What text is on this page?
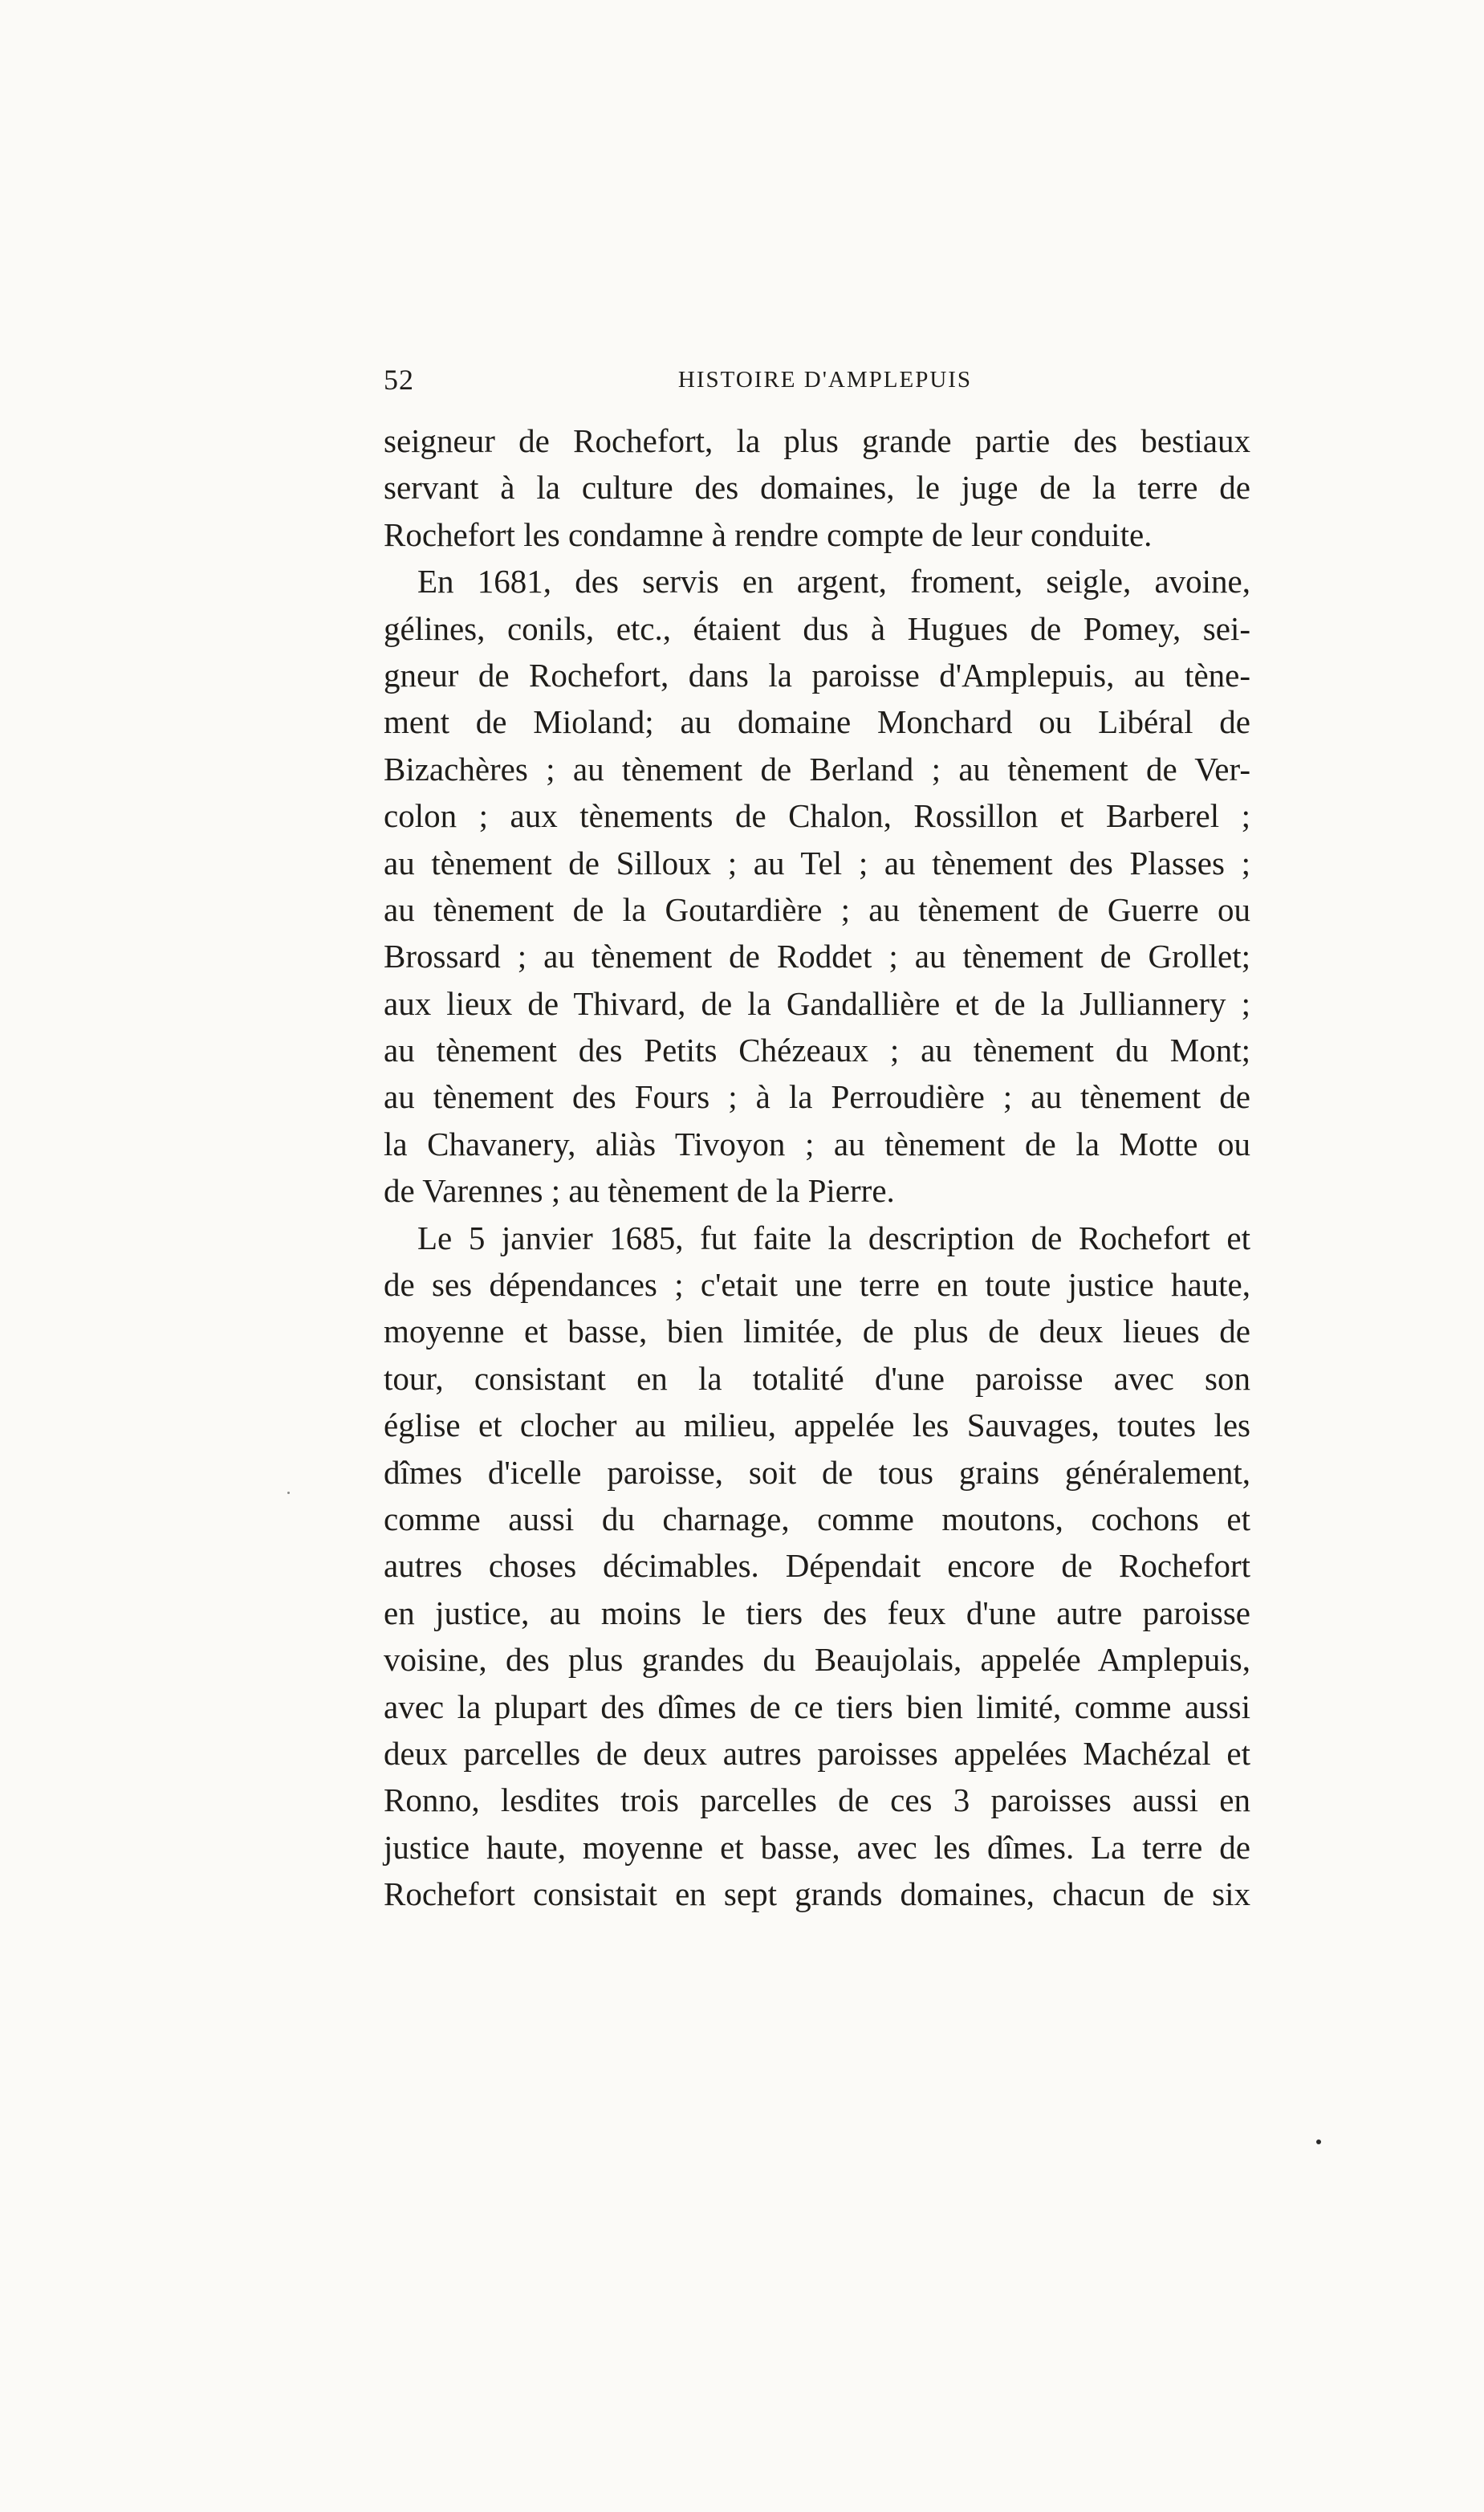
52	HISTOIRE D'AMPLEPUIS
seigneur de Rochefort, la plus grande partie des bestiaux
servant à la culture des domaines, le juge de la terre de
Rochefort les condamne à rendre compte de leur conduite.
En 1681, des servis en argent, froment, seigle, avoine,
gélines, conils, etc., étaient dus à Hugues de Pomey, sei-
gneur de Rochefort, dans la paroisse d'Amplepuis, au tène-
ment de Mioland; au domaine Monchard ou Libéral de
Bizachères ; au tènement de Berland ; au tènement de Ver-
colon ; aux tènements de Chalon, Rossillon et Barberel ;
au tènement de Silloux ; au Tel ; au tènement des Plasses ;
au tènement de la Goutardière ; au tènement de Guerre ou
Brossard ; au tènement de Roddet ; au tènement de Grollet;
aux lieux de Thivard, de la Gandallière et de la Julliannery ;
au tènement des Petits Chézeaux ; au tènement du Mont;
au tènement des Fours ; à la Perroudière ; au tènement de
la Chavanery, aliàs Tivoyon ; au tènement de la Motte ou
de Varennes ; au tènement de la Pierre.
Le 5 janvier 1685, fut faite la description de Rochefort et
de ses dépendances ; c'etait une terre en toute justice haute,
moyenne et basse, bien limitée, de plus de deux lieues de
tour, consistant en la totalité d'une paroisse avec son
église et clocher au milieu, appelée les Sauvages, toutes les
dîmes d'icelle paroisse, soit de tous grains généralement,
comme aussi du charnage, comme moutons, cochons et
autres choses décimables. Dépendait encore de Rochefort
en justice, au moins le tiers des feux d'une autre paroisse
voisine, des plus grandes du Beaujolais, appelée Amplepuis,
avec la plupart des dîmes de ce tiers bien limité, comme aussi
deux parcelles de deux autres paroisses appelées Machézal et
Ronno, lesdites trois parcelles de ces 3 paroisses aussi en
justice haute, moyenne et basse, avec les dîmes. La terre de
Rochefort consistait en sept grands domaines, chacun de six
